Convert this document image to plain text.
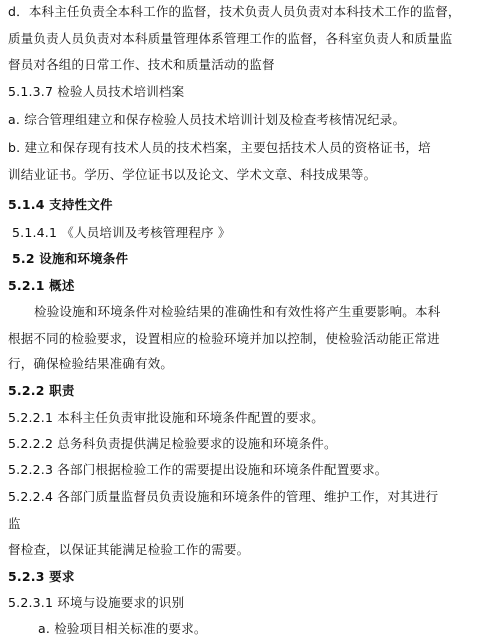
d．本科主任负责全本科工作的监督，技术负责人员负责对本科技术工作的监督，
质量负责人员负责对本科质量管理体系管理工作的监督，各科室负责人和质量监
督员对各组的日常工作、技术和质量活动的监督
5.1.3.7 检验人员技术培训档案
a. 综合管理组建立和保存检验人员技术培训计划及检查考核情况纪录。
b. 建立和保存现有技术人员的技术档案，主要包括技术人员的资格证书，培
训结业证书。学历、学位证书以及论文、学术文章、科技成果等。
5.1.4 支持性文件
5.1.4.1 《人员培训及考核管理程序 》
5.2 设施和环境条件
5.2.1 概述
检验设施和环境条件对检验结果的准确性和有效性将产生重要影响。本科
根据不同的检验要求，设置相应的检验环境并加以控制，使检验活动能正常进
行，确保检验结果准确有效。
5.2.2 职责
5.2.2.1 本科主任负责审批设施和环境条件配置的要求。
5.2.2.2 总务科负责提供满足检验要求的设施和环境条件。
5.2.2.3 各部门根据检验工作的需要提出设施和环境条件配置要求。
5.2.2.4 各部门质量监督员负责设施和环境条件的管理、维护工作，对其进行
监
督检查，以保证其能满足检验工作的需要。
5.2.3 要求
5.2.3.1 环境与设施要求的识别
a. 检验项目相关标准的要求。
